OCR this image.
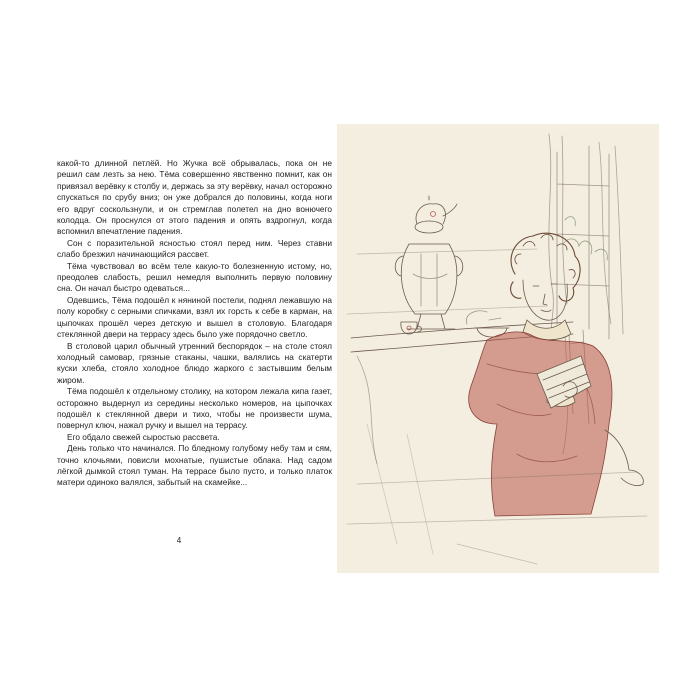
какой-то длинной петлёй. Но Жучка всё обрывалась, пока он не решил сам лезть за нею. Тёма совершенно явственно помнит, как он привязал верёвку к столбу и, держась за эту верёвку, начал осторожно спускаться по срубу вниз; он уже добрался до половины, когда ноги его вдруг соскользнули, и он стремглав полетел на дно вонючего колодца. Он проснулся от этого падения и опять вздрогнул, когда вспомнил впечатление падения.

Сон с поразительной ясностью стоял перед ним. Через ставни слабо брезжил начинающийся рассвет.

Тёма чувствовал во всём теле какую-то болезненную истому, но, преодолев слабость, решил немедля выполнить первую половину сна. Он начал быстро одеваться...

Одевшись, Тёма подошёл к няниной постели, поднял лежавшую на полу коробку с серными спичками, взял их горсть к себе в карман, на цыпочках прошёл через детскую и вышел в столовую. Благодаря стеклянной двери на террасу здесь было уже порядочно светло.

В столовой царил обычный утренний беспорядок – на столе стоял холодный самовар, грязные стаканы, чашки, валялись на скатерти куски хлеба, стояло холодное блюдо жаркого с застывшим белым жиром.

Тёма подошёл к отдельному столику, на котором лежала кипа газет, осторожно выдернул из середины несколько номеров, на цыпочках подошёл к стеклянной двери и тихо, чтобы не произвести шума, повернул ключ, нажал ручку и вышел на террасу.

Его обдало свежей сыростью рассвета.

День только что начинался. По бледному голубому небу там и сям, точно клочьями, повисли мохнатые, пушистые облака. Над садом лёгкой дымкой стоял туман. На террасе было пусто, и только платок матери одиноко валялся, забытый на скамейке...

4
